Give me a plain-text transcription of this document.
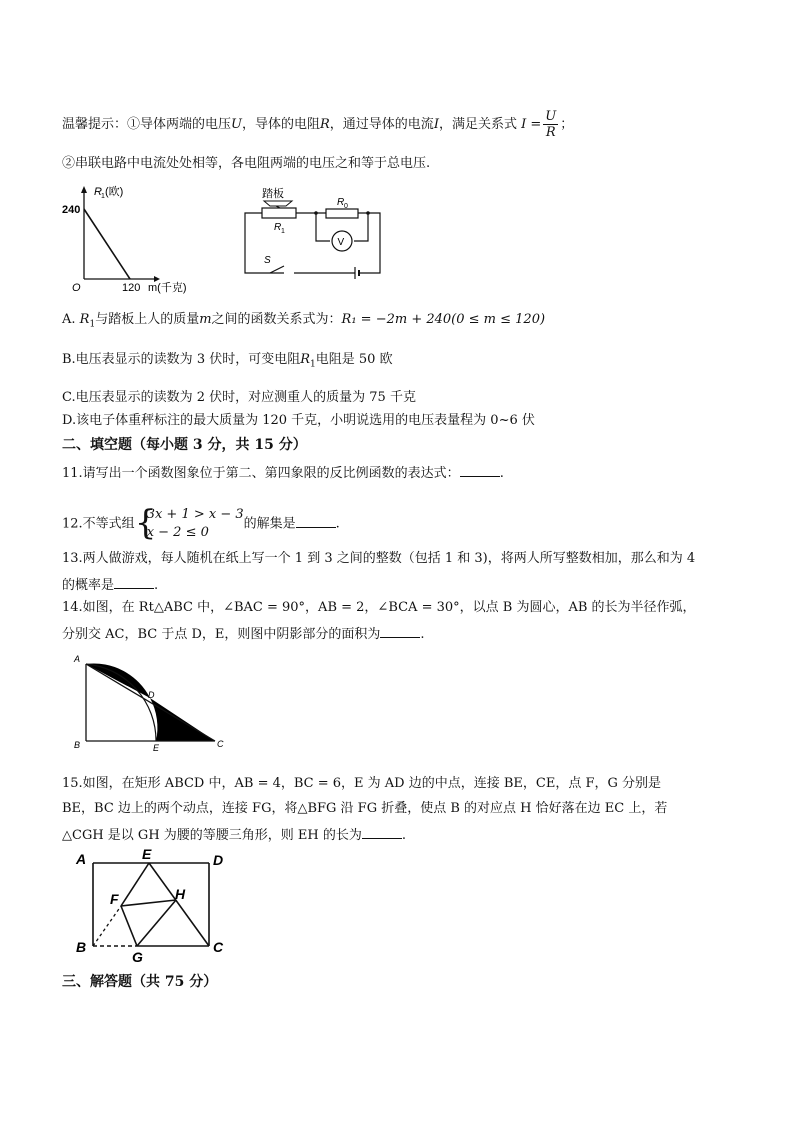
温馨提示：①导体两端的电压U，导体的电阻R，通过导体的电流I，满足关系式 $I = \frac{U}{R}$ ；
②串联电路中电流处处相等，各电阻两端的电压之和等于总电压.
R 1 (欧)
240
O	120 m(千克)
踏板
R 1
R 0
V
S
A. $R_1$与踏板上人的质量m之间的函数关系式为：R₁ = −2m + 240(0 ≤ m ≤ 120)
B.电压表显示的读数为 3 伏时，可变电阻$R_1$电阻是 50 欧
C.电压表显示的读数为 2 伏时，对应测重人的质量为 75 千克
D.该电子体重秤标注的最大质量为 120 千克，小明说选用的电压表量程为 0~6 伏
二、填空题（每小题 3 分，共 15 分）
11.请写出一个函数图象位于第二、第四象限的反比例函数的表达式：	.
12.不等式组 {
3x + 1 > x − 3
x − 2 ≤ 0
的解集是	.
13.两人做游戏，每人随机在纸上写一个 1 到 3 之间的整数（包括 1 和 3)，将两人所写整数相加，那么和为 4
的概率是	.
14.如图，在 Rt△ABC 中，∠BAC = 90°，AB = 2，∠BCA = 30°，以点 B 为圆心，AB 的长为半径作弧，
分别交 AC，BC 于点 D，E，则图中阴影部分的面积为	.
A
B	C
D
E
15.如图，在矩形 ABCD 中，AB = 4，BC = 6，E 为 AD 边的中点，连接 BE，CE，点 F，G 分别是
BE，BC 边上的两个动点，连接 FG，将△BFG 沿 FG 折叠，使点 B 的对应点 H 恰好落在边 EC 上，若
△CGH 是以 GH 为腰的等腰三角形，则 EH 的长为	.
A
B	C
D
E
F
G
H
三、解答题（共 75 分）
